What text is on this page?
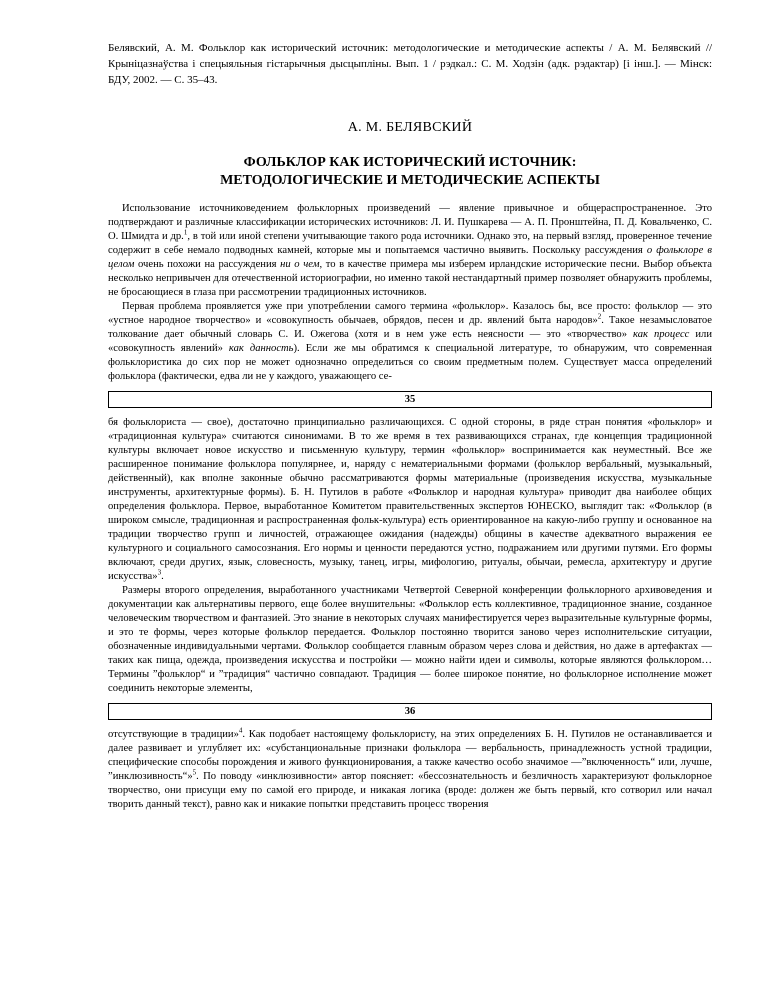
Белявский, А. М. Фольклор как исторический источник: методологические и методические аспекты / А. М. Белявский // Крыніцазнаўства і спецыяльныя гістарычныя дысцыпліны. Вып. 1 / рэдкал.: С. М. Ходзін (адк. рэдактар) [і інш.]. — Мінск: БДУ, 2002. — С. 35–43.

А. М. БЕЛЯВСКИЙ
ФОЛЬКЛОР КАК ИСТОРИЧЕСКИЙ ИСТОЧНИК:
МЕТОДОЛОГИЧЕСКИЕ И МЕТОДИЧЕСКИЕ АСПЕКТЫ

Использование источниковедением фольклорных произведений — явление привычное и общераспространенное. Это подтверждают и различные классификации исторических источников: Л. И. Пушкарева — А. П. Пронштейна, П. Д. Ковальченко, С. О. Шмидта и др.$^1$, в той или иной степени учитывающие такого рода источники. Однако это, на первый взгляд, проверенное течение содержит в себе немало подводных камней, которые мы и попытаемся частично выявить. Поскольку рассуждения о фольклоре в целом очень похожи на рассуждения ни о чем, то в качестве примера мы изберем ирландские исторические песни. Выбор объекта несколько непривычен для отечественной историографии, но именно такой нестандартный пример позволяет обнаружить проблемы, не бросающиеся в глаза при рассмотрении традиционных источников.

Первая проблема проявляется уже при употреблении самого термина «фольклор». Казалось бы, все просто: фольклор — это «устное народное творчество» и «совокупность обычаев, обрядов, песен и др. явлений быта народов»$^2$. Такое незамысловатое толкование дает обычный словарь С. И. Ожегова (хотя и в нем уже есть неясности — это «творчество» как процесс или «совокупность явлений» как данность). Если же мы обратимся к специальной литературе, то обнаружим, что современная фольклористика до сих пор не может однозначно определиться со своим предметным полем. Существует масса определений фольклора (фактически, едва ли не у каждого, уважающего се-

35

бя фольклориста — свое), достаточно принципиально различающихся. С одной стороны, в ряде стран понятия «фольклор» и «традиционная культура» считаются синонимами. В то же время в тех развивающихся странах, где концепция традиционной культуры включает новое искусство и письменную культуру, термин «фольклор» воспринимается как неуместный. Все же расширенное понимание фольклора популярнее, и, наряду с нематериальными формами (фольклор вербальный, музыкальный, действенный), как вполне законные обычно рассматриваются формы материальные (произведения искусства, музыкальные инструменты, архитектурные формы). Б. Н. Путилов в работе «Фольклор и народная культура» приводит два наиболее общих определения фольклора. Первое, выработанное Комитетом правительственных экспертов ЮНЕСКО, выглядит так: «Фольклор (в широком смысле, традиционная и распространенная фольк-культура) есть ориентированное на какую-либо группу и основанное на традиции творчество групп и личностей, отражающее ожидания (надежды) общины в качестве адекватного выражения ее культурного и социального самосознания. Его нормы и ценности передаются устно, подражанием или другими путями. Его формы включают, среди других, язык, словесность, музыку, танец, игры, мифологию, ритуалы, обычаи, ремесла, архитектуру и другие искусства»$^3$.

Размеры второго определения, выработанного участниками Четвертой Северной конференции фольклорного архивоведения и документации как альтернативы первого, еще более внушительны: «Фольклор есть коллективное, традиционное знание, созданное человеческим творчеством и фантазией. Это знание в некоторых случаях манифестируется через выразительные культурные формы, и это те формы, через которые фольклор передается. Фольклор постоянно творится заново через исполнительские ситуации, обозначенные индивидуальными чертами. Фольклор сообщается главным образом через слова и действия, но даже в артефактах — таких как пища, одежда, произведения искусства и постройки — можно найти идеи и символы, которые являются фольклором… Термины ”фольклор“ и ”традиция“ частично совпадают. Традиция — более широкое понятие, но фольклорное исполнение может соединить некоторые элементы,

36

отсутствующие в традиции»$^4$. Как подобает настоящему фольклористу, на этих определениях Б. Н. Путилов не останавливается и далее развивает и углубляет их: «субстанциональные признаки фольклора — вербальность, принадлежность устной традиции, специфические способы порождения и живого функционирования, а также качество особо значимое —”включенность“ или, лучше, ”инклюзивность“»$^5$. По поводу «инклюзивности» автор поясняет: «бессознательность и безличность характеризуют фольклорное творчество, они присущи ему по самой его природе, и никакая логика (вроде: должен же быть первый, кто сотворил или начал творить данный текст), равно как и никакие попытки представить процесс творения
